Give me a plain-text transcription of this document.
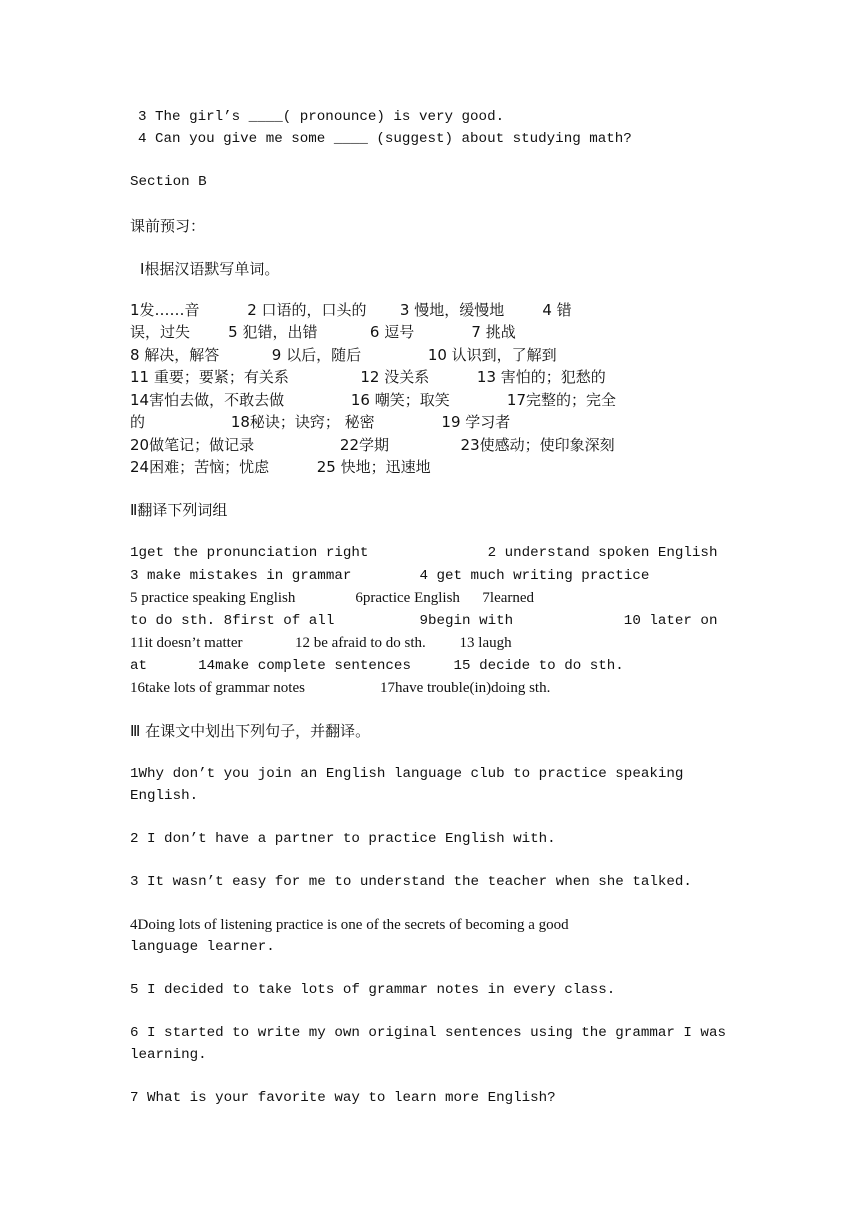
3 The girl’s ____( pronounce) is very good.
4 Can you give me some ____ (suggest) about studying math?
Section B
课前预习：
Ⅰ根据汉语默写单词。
1发……音          2 口语的，口头的       3 慢地，缓慢地        4 错
误，过失        5 犯错，出错           6 逗号            7 挑战
8 解决，解答           9 以后，随后              10 认识到，了解到
11 重要；要紧；有关系               12 没关系          13 害怕的；犯愁的
14害怕去做，不敢去做              16 嘲笑；取笑            17完整的；完全
的                  18秘诀；诀窍； 秘密              19 学习者
20做笔记；做记录                  22学期               23使感动；使印象深刻
24困难；苦恼；忧虑          25 快地；迅速地
Ⅱ翻译下列词组
1get the pronunciation right              2 understand spoken English
3 make mistakes in grammar        4 get much writing practice
5 practice speaking English                6practice English      7learned
to do sth. 8first of all          9begin with             10 later on
11it doesn’t matter              12 be afraid to do sth.         13 laugh
at      14make complete sentences     15 decide to do sth.
16take lots of grammar notes                    17have trouble(in)doing sth.
Ⅲ 在课文中划出下列句子，并翻译。
1Why don’t you join an English language club to practice speaking
English.
2 I don’t have a partner to practice English with.
3 It wasn’t easy for me to understand the teacher when she talked.
4Doing lots of listening practice is one of the secrets of becoming a good
language learner.
5 I decided to take lots of grammar notes in every class.
6 I started to write my own original sentences using the grammar I was
learning.
7 What is your favorite way to learn more English?
